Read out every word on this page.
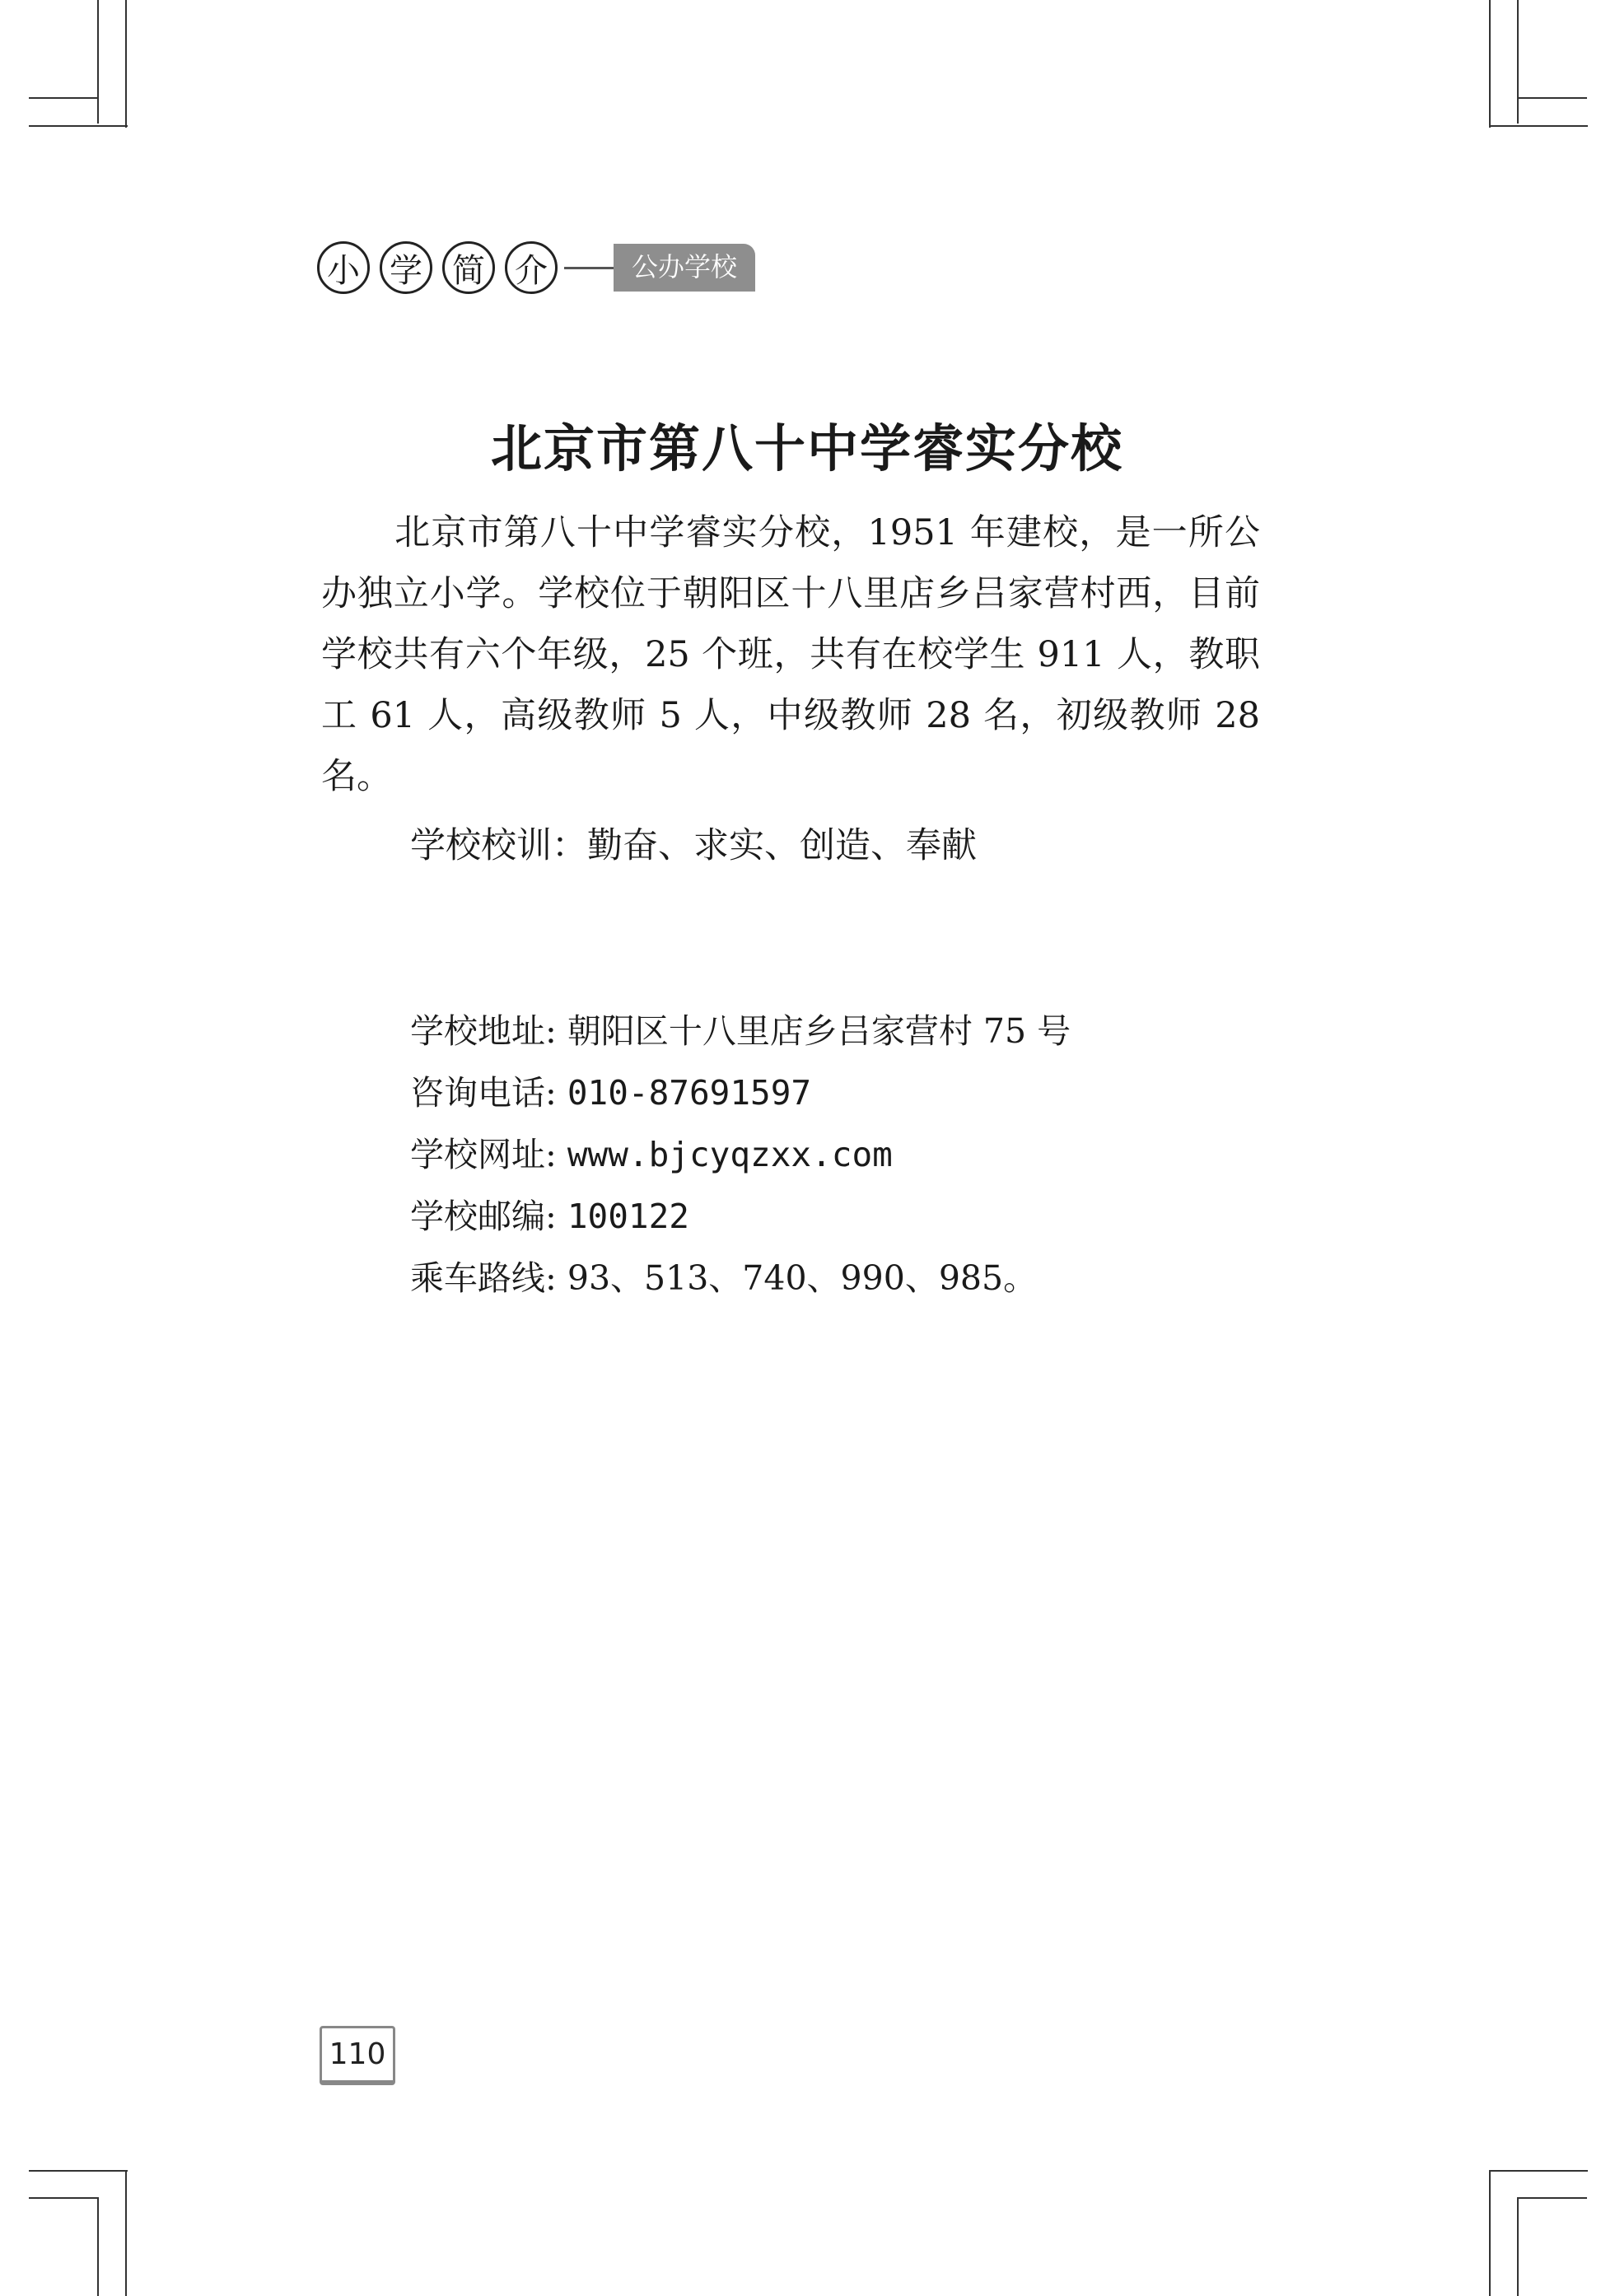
小 学 简 介	公办学校
北京市第八十中学睿实分校

北京市第八十中学睿实分校，1951 年建校，是一所公办独立小学。学校位于朝阳区十八里店乡吕家营村西，目前学校共有六个年级，25 个班，共有在校学生 911 人，教职工 61 人，高级教师 5 人，中级教师 28 名，初级教师 28 名。

学校校训：勤奋、求实、创造、奉献

学校地址: 朝阳区十八里店乡吕家营村 75 号
咨询电话: 010-87691597
学校网址: www.bjcyqzxx.com
学校邮编: 100122
乘车路线: 93、513、740、990、985。
110
